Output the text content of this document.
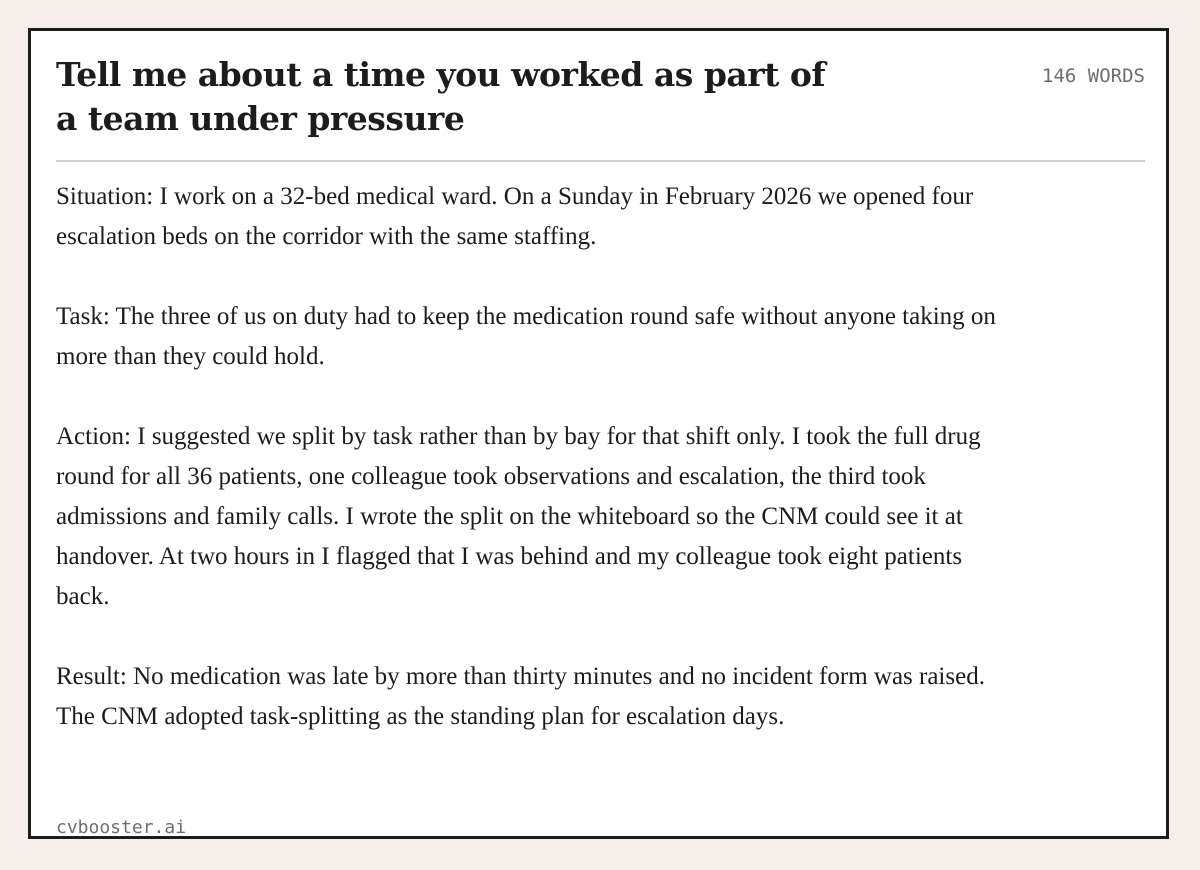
Tell me about a time you worked as part of a team under pressure
146 WORDS

Situation: I work on a 32-bed medical ward. On a Sunday in February 2026 we opened four escalation beds on the corridor with the same staffing.

Task: The three of us on duty had to keep the medication round safe without anyone taking on more than they could hold.

Action: I suggested we split by task rather than by bay for that shift only. I took the full drug round for all 36 patients, one colleague took observations and escalation, the third took admissions and family calls. I wrote the split on the whiteboard so the CNM could see it at handover. At two hours in I flagged that I was behind and my colleague took eight patients back.

Result: No medication was late by more than thirty minutes and no incident form was raised. The CNM adopted task-splitting as the standing plan for escalation days.

cvbooster.ai
